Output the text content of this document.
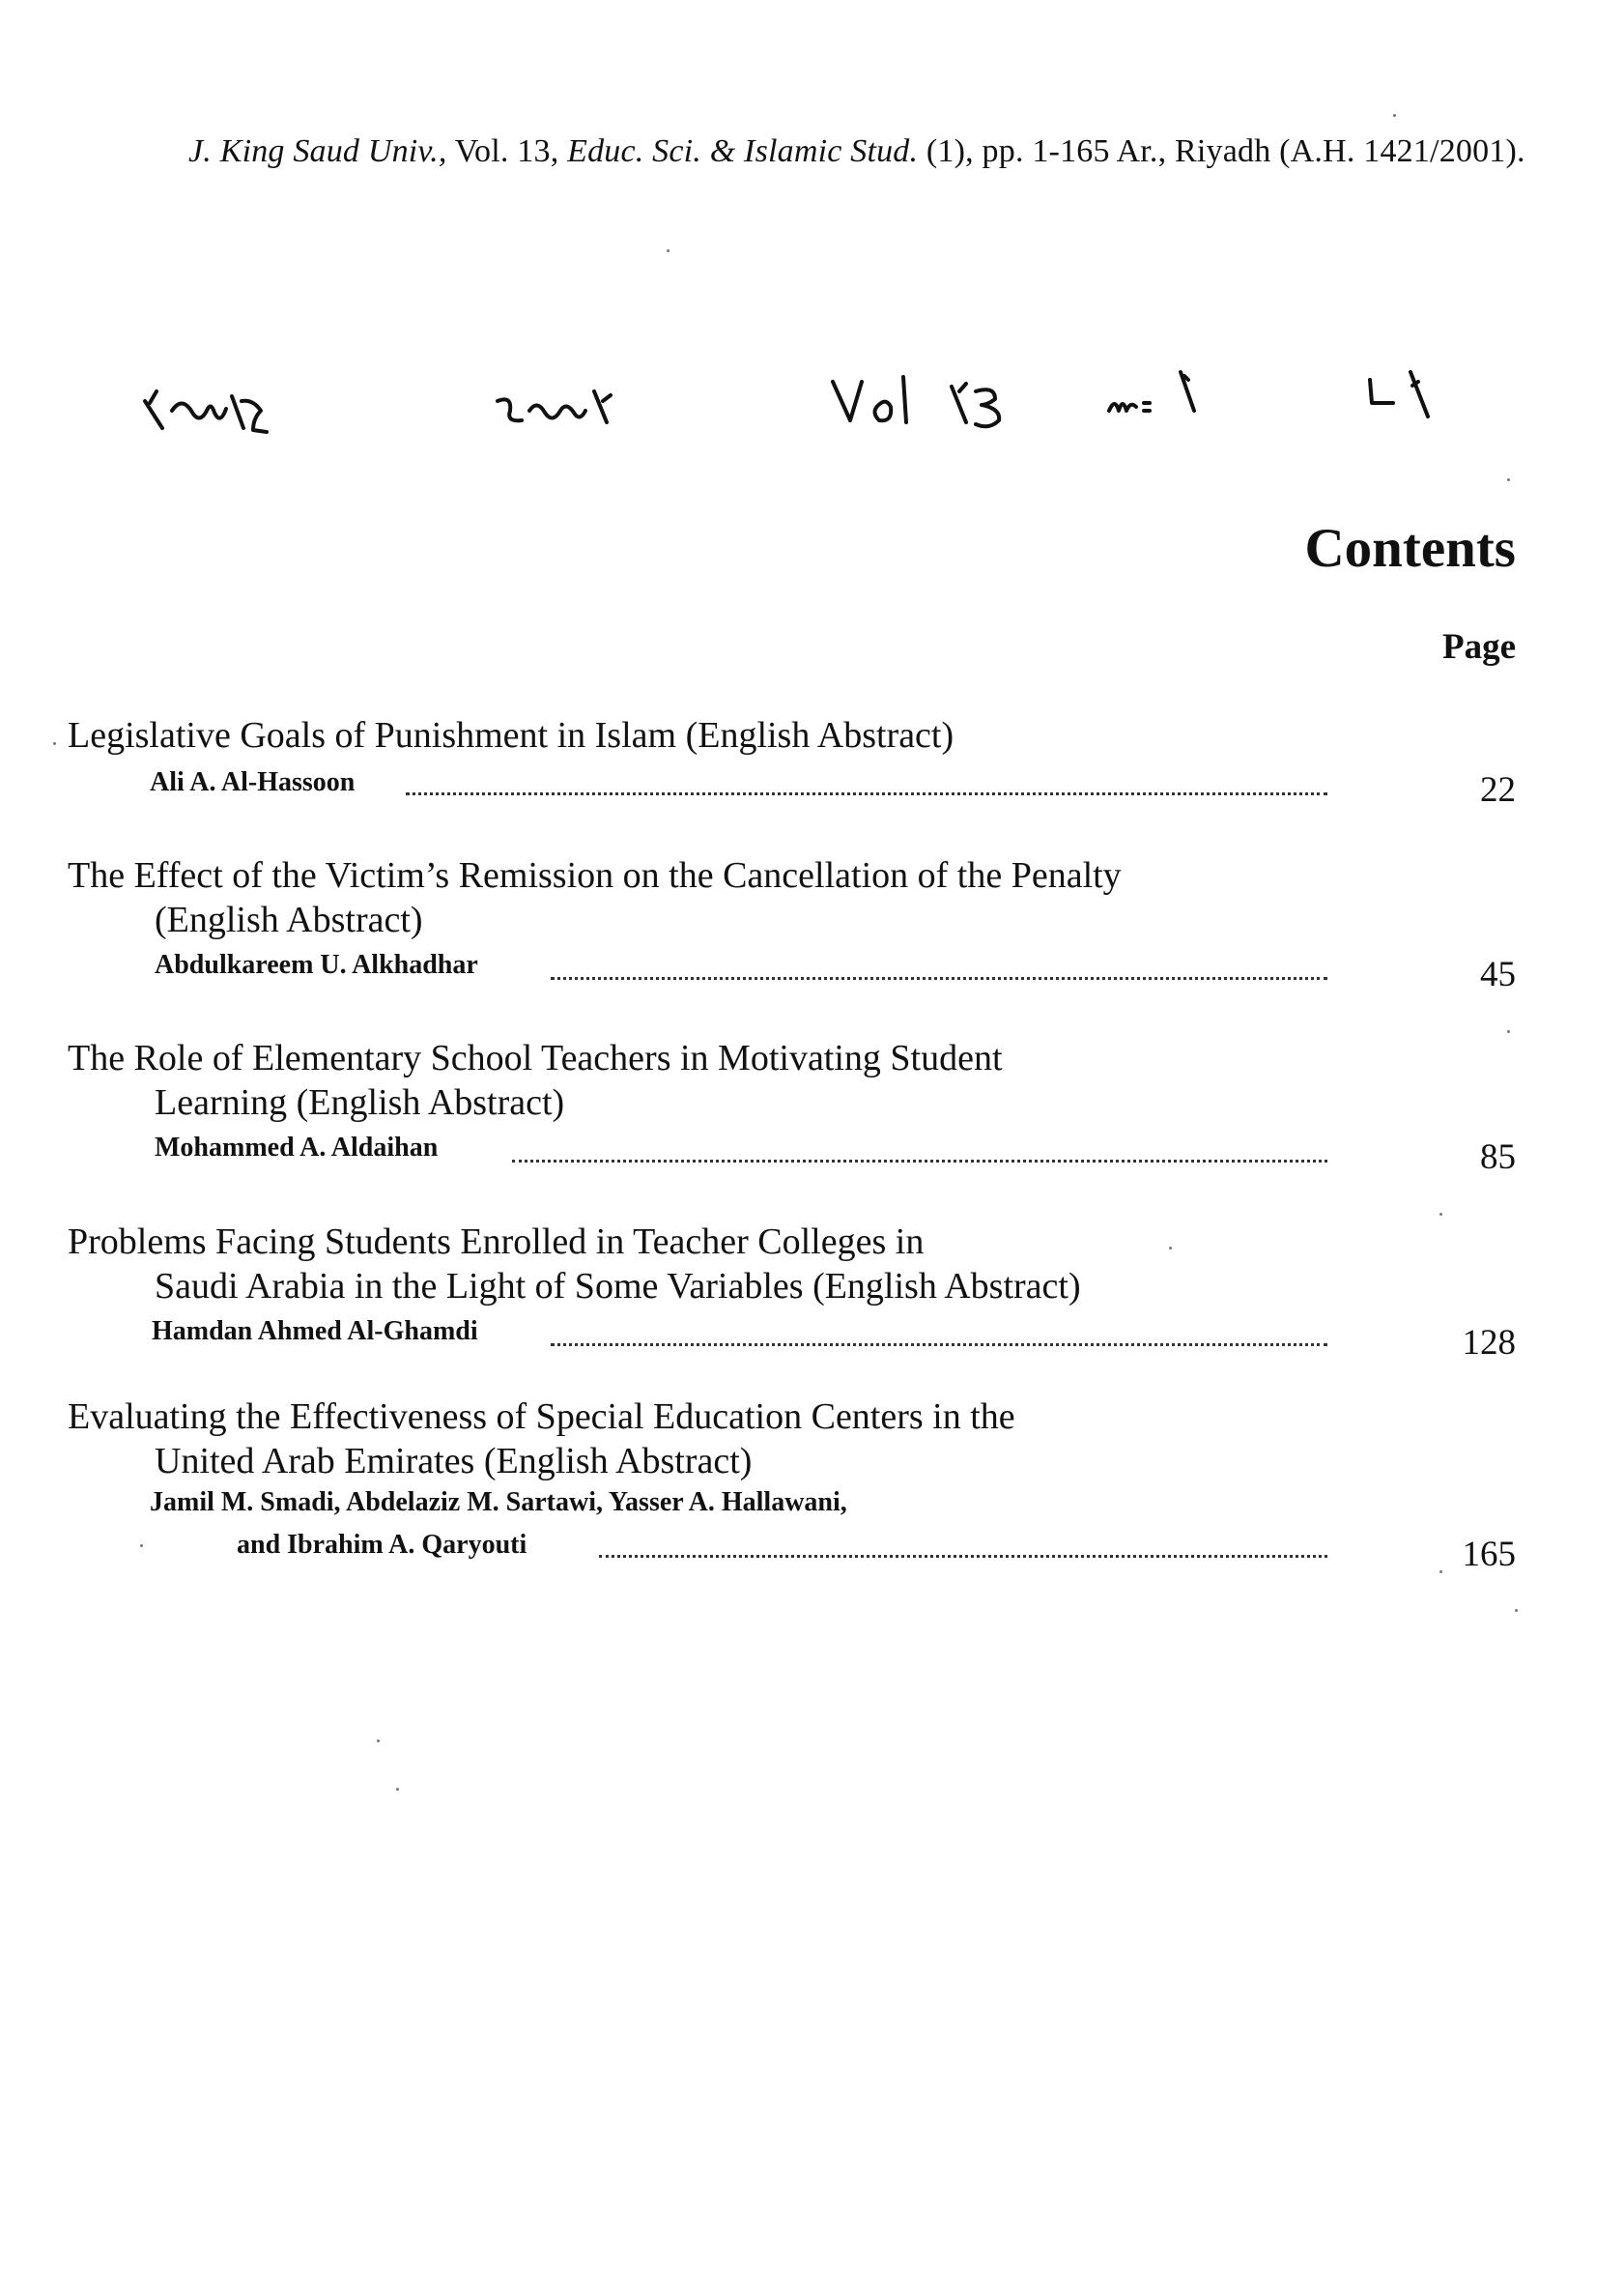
J. King Saud Univ., Vol. 13, Educ. Sci. & Islamic Stud. (1), pp. 1-165 Ar., Riyadh (A.H. 1421/2001).
Contents
Page
Legislative Goals of Punishment in Islam (English Abstract)
Ali A. Al-Hassoon	22
The Effect of the Victim’s Remission on the Cancellation of the Penalty
(English Abstract)
Abdulkareem U. Alkhadhar	45
The Role of Elementary School Teachers in Motivating Student
Learning (English Abstract)
Mohammed A. Aldaihan	85
Problems Facing Students Enrolled in Teacher Colleges in
Saudi Arabia in the Light of Some Variables (English Abstract)
Hamdan Ahmed Al-Ghamdi	128
Evaluating the Effectiveness of Special Education Centers in the
United Arab Emirates (English Abstract)
Jamil M. Smadi, Abdelaziz M. Sartawi, Yasser A. Hallawani,
and Ibrahim A. Qaryouti	165
